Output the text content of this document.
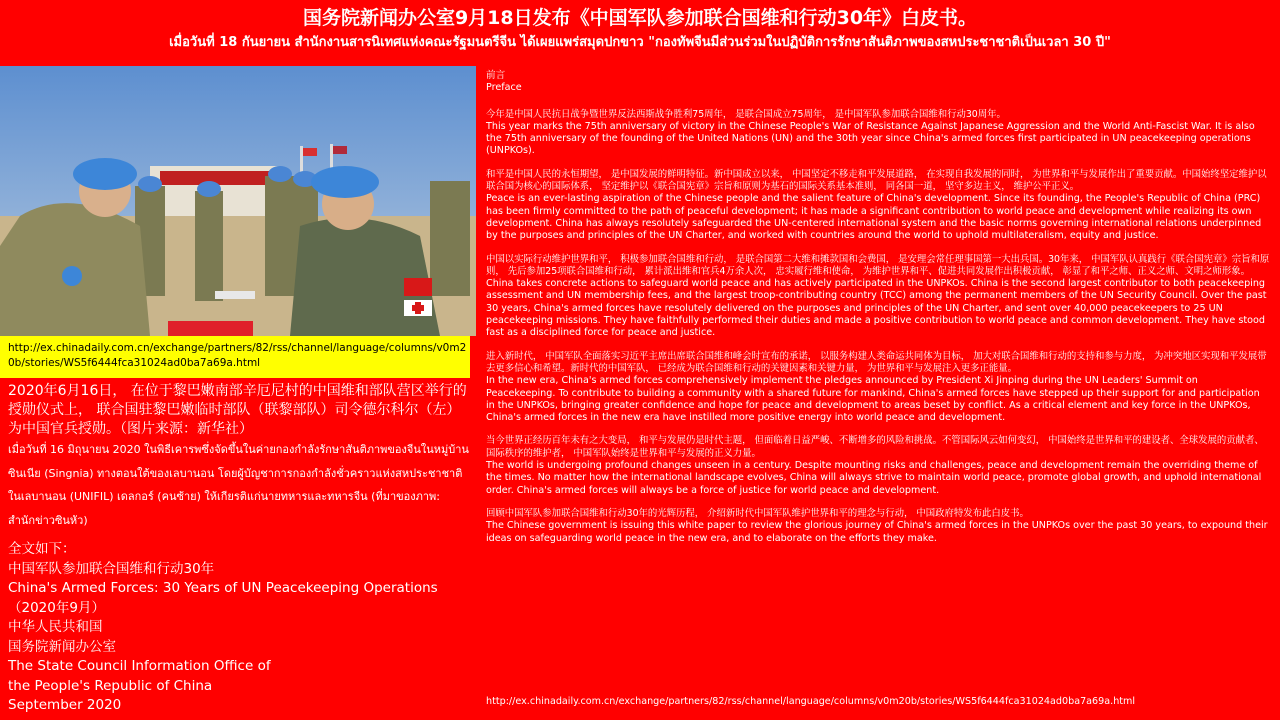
国务院新闻办公室9月18日发布《中国军队参加联合国维和行动30年》白皮书。
เมื่อวันที่ 18 กันยายน สำนักงานสารนิเทศแห่งคณะรัฐมนตรีจีน ได้เผยแพร่สมุดปกขาว "กองทัพจีนมีส่วนร่วมในปฏิบัติการรักษาสันติภาพของสหประชาชาติเป็นเวลา 30 ปี"
http://ex.chinadaily.com.cn/exchange/partners/82/rss/channel/language/columns/v0m20b/stories/WS5f6444fca31024ad0ba7a69a.html
2020年6月16日， 在位于黎巴嫩南部辛厄尼村的中国维和部队营区举行的授勋仪式上， 联合国驻黎巴嫩临时部队（联黎部队）司令德尔科尔（左）为中国官兵授勋。（图片来源：新华社）
เมื่อวันที่ 16 มิถุนายน 2020 ในพิธีเคารพซึ่งจัดขึ้นในค่ายกองกำลังรักษาสันติภาพของจีนในหมู่บ้านซินเนีย (Singnia) ทางตอนใต้ของเลบานอน โดยผู้บัญชาการกองกำลังชั่วคราวแห่งสหประชาชาติในเลบานอน (UNIFIL) เดลกอร์ (คนซ้าย) ให้เกียรติแก่นายทหารและทหารจีน (ที่มาของภาพ: สำนักข่าวซินหัว)
全文如下：
中国军队参加联合国维和行动30年
China's Armed Forces: 30 Years of UN Peacekeeping Operations
（2020年9月）
中华人民共和国
国务院新闻办公室
The State Council Information Office of
the People's Republic of China
September 2020

前言
Preface

今年是中国人民抗日战争暨世界反法西斯战争胜利75周年， 是联合国成立75周年， 是中国军队参加联合国维和行动30周年。
This year marks the 75th anniversary of victory in the Chinese People's War of Resistance Against Japanese Aggression and the World Anti-Fascist War. It is also the 75th anniversary of the founding of the United Nations (UN) and the 30th year since China's armed forces first participated in UN peacekeeping operations (UNPKOs).

和平是中国人民的永恒期望， 是中国发展的鲜明特征。新中国成立以来， 中国坚定不移走和平发展道路， 在实现自我发展的同时， 为世界和平与发展作出了重要贡献。中国始终坚定维护以联合国为核心的国际体系， 坚定维护以《联合国宪章》宗旨和原则为基石的国际关系基本准则， 同各国一道， 坚守多边主义， 维护公平正义。
Peace is an ever-lasting aspiration of the Chinese people and the salient feature of China's development. Since its founding, the People's Republic of China (PRC) has been firmly committed to the path of peaceful development; it has made a significant contribution to world peace and development while realizing its own development. China has always resolutely safeguarded the UN-centered international system and the basic norms governing international relations underpinned by the purposes and principles of the UN Charter, and worked with countries around the world to uphold multilateralism, equity and justice.

中国以实际行动维护世界和平， 积极参加联合国维和行动， 是联合国第二大维和摊款国和会费国， 是安理会常任理事国第一大出兵国。30年来， 中国军队认真践行《联合国宪章》宗旨和原则， 先后参加25项联合国维和行动， 累计派出维和官兵4万余人次， 忠实履行维和使命， 为维护世界和平、促进共同发展作出积极贡献， 彰显了和平之师、正义之师、文明之师形象。
China takes concrete actions to safeguard world peace and has actively participated in the UNPKOs. China is the second largest contributor to both peacekeeping assessment and UN membership fees, and the largest troop-contributing country (TCC) among the permanent members of the UN Security Council. Over the past 30 years, China's armed forces have resolutely delivered on the purposes and principles of the UN Charter, and sent over 40,000 peacekeepers to 25 UN peacekeeping missions. They have faithfully performed their duties and made a positive contribution to world peace and common development. They have stood fast as a disciplined force for peace and justice.

进入新时代， 中国军队全面落实习近平主席出席联合国维和峰会时宣布的承诺， 以服务构建人类命运共同体为目标， 加大对联合国维和行动的支持和参与力度， 为冲突地区实现和平发展带去更多信心和希望。新时代的中国军队， 已经成为联合国维和行动的关键因素和关键力量， 为世界和平与发展注入更多正能量。
In the new era, China's armed forces comprehensively implement the pledges announced by President Xi Jinping during the UN Leaders' Summit on Peacekeeping. To contribute to building a community with a shared future for mankind, China's armed forces have stepped up their support for and participation in the UNPKOs, bringing greater confidence and hope for peace and development to areas beset by conflict. As a critical element and key force in the UNPKOs, China's armed forces in the new era have instilled more positive energy into world peace and development.

当今世界正经历百年未有之大变局， 和平与发展仍是时代主题， 但面临着日益严峻、不断增多的风险和挑战。不管国际风云如何变幻， 中国始终是世界和平的建设者、全球发展的贡献者、国际秩序的维护者， 中国军队始终是世界和平与发展的正义力量。
The world is undergoing profound changes unseen in a century. Despite mounting risks and challenges, peace and development remain the overriding theme of the times. No matter how the international landscape evolves, China will always strive to maintain world peace, promote global growth, and uphold international order. China's armed forces will always be a force of justice for world peace and development.

回顾中国军队参加联合国维和行动30年的光辉历程， 介绍新时代中国军队维护世界和平的理念与行动， 中国政府特发布此白皮书。
The Chinese government is issuing this white paper to review the glorious journey of China's armed forces in the UNPKOs over the past 30 years, to expound their ideas on safeguarding world peace in the new era, and to elaborate on the efforts they make.

http://ex.chinadaily.com.cn/exchange/partners/82/rss/channel/language/columns/v0m20b/stories/WS5f6444fca31024ad0ba7a69a.html
